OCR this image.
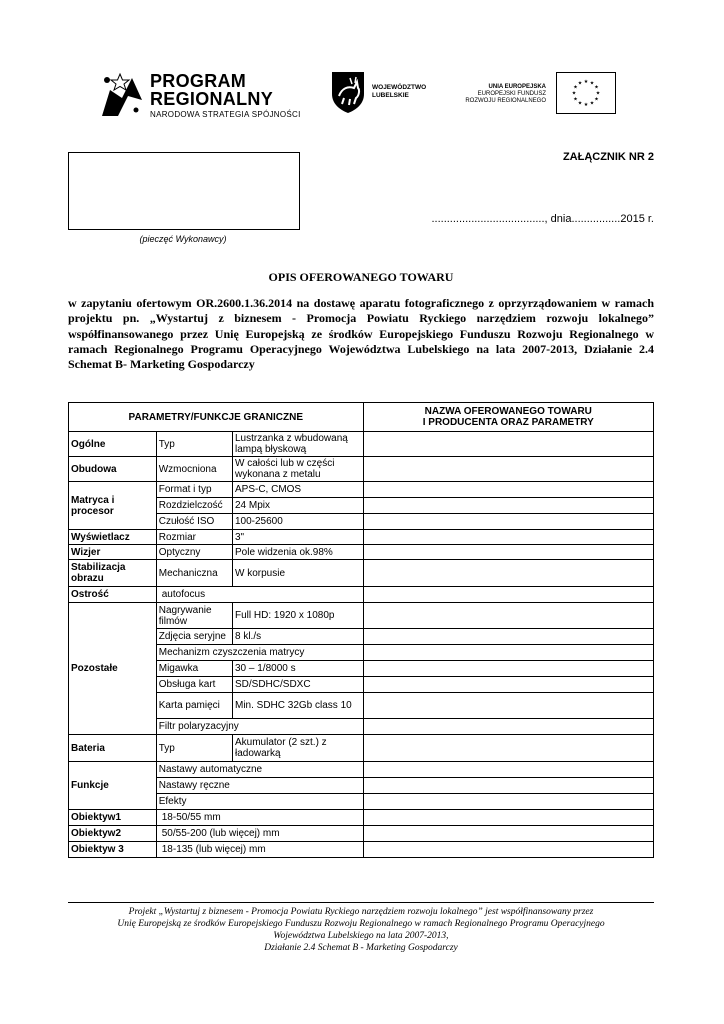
PROGRAM
REGIONALNY
NARODOWA STRATEGIA SPÓJNOŚCI
WOJEWÓDZTWO
LUBELSKIE
UNIA EUROPEJSKA
EUROPEJSKI FUNDUSZ
ROZWOJU REGIONALNEGO
★ ★
★
★
★
★
★
★
★
★
★
★
(pieczęć Wykonawcy)
ZAŁĄCZNIK NR 2
....................................., dnia................2015 r.
OPIS OFEROWANEGO TOWARU
w zapytaniu ofertowym OR.2600.1.36.2014 na dostawę aparatu fotograficznego z oprzyrządowaniem w ramach projektu pn. „Wystartuj z biznesem - Promocja Powiatu Ryckiego narzędziem rozwoju lokalnego” współfinansowanego przez Unię Europejską ze środków Europejskiego Funduszu Rozwoju Regionalnego w ramach Regionalnego Programu Operacyjnego Województwa Lubelskiego na lata 2007-2013, Działanie 2.4 Schemat B- Marketing Gospodarczy
PARAMETRY/FUNKCJE GRANICZNE			NAZWA OFEROWANEGO TOWARU
I PRODUCENTA ORAZ PARAMETRY

Ogólne	Typ	Lustrzanka z wbudowaną lampą błyskową	
Obudowa	Wzmocniona	W całości lub w części wykonana z metalu	
Matryca i procesor	Format i typ	APS-C, CMOS	
	Rozdzielczość	24 Mpix	
	Czułość ISO	100-25600	
Wyświetlacz	Rozmiar	3"	
Wizjer	Optyczny	Pole widzenia ok.98%	
Stabilizacja obrazu	Mechaniczna	W korpusie	
Ostrość	autofocus		
Pozostałe	Nagrywanie filmów	Full HD: 1920 x 1080p	
	Zdjęcia seryjne	8 kl./s	
	Mechanizm czyszczenia matrycy		
	Migawka	30 – 1/8000 s	
	Obsługa kart	SD/SDHC/SDXC	
	Karta pamięci	Min. SDHC 32Gb class 10	
	Filtr polaryzacyjny		

Bateria	Typ	Akumulator (2 szt.) z ładowarką	
Funkcje	Nastawy automatyczne		
	Nastawy ręczne		
	Efekty		
Obiektyw1	18-50/55 mm		
Obiektyw2	50/55-200 (lub więcej) mm		
Obiektyw 3	18-135 (lub więcej) mm		
Projekt „Wystartuj z biznesem - Promocja Powiatu Ryckiego narzędziem rozwoju lokalnego” jest współfinansowany przez
Unię Europejską ze środków Europejskiego Funduszu Rozwoju Regionalnego w ramach Regionalnego Programu Operacyjnego
Województwa Lubelskiego na lata 2007-2013,
Działanie 2.4 Schemat B - Marketing Gospodarczy
